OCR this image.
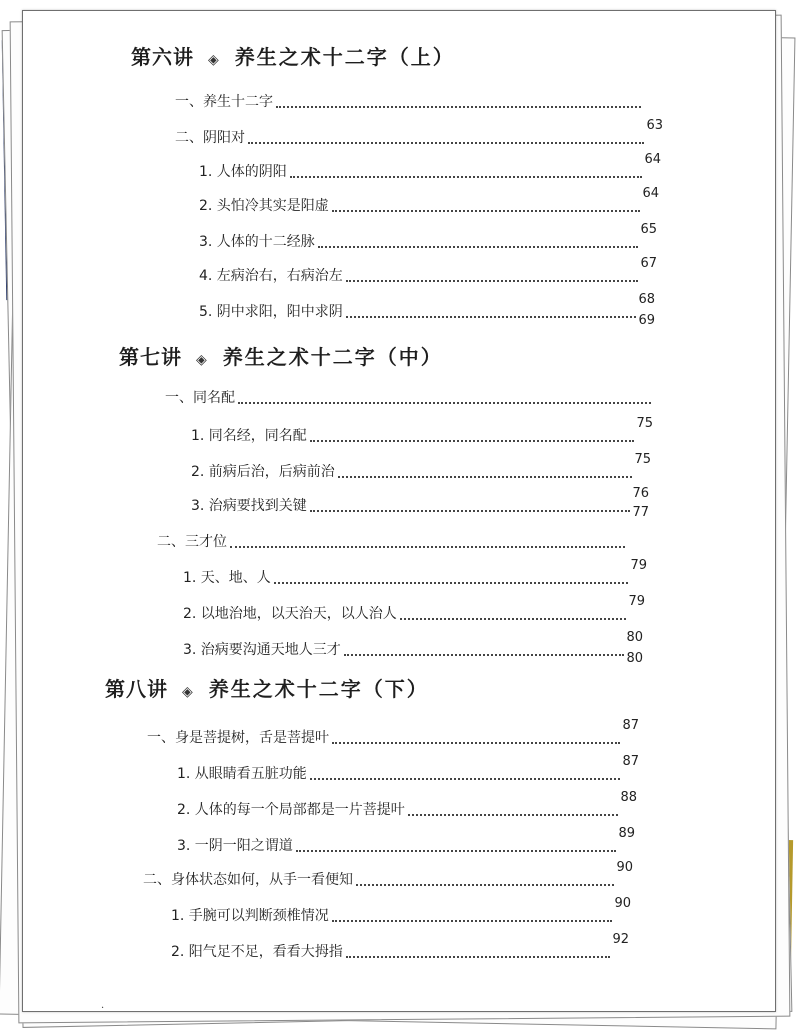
第六讲 ◈ 养生之术十二字（上）
一、养生十二字
二、阴阳对
63
1. 人体的阴阳
64
2. 头怕冷其实是阳虚
64
3. 人体的十二经脉
65
4. 左病治右，右病治左
67
5. 阴中求阳，阳中求阴
68
69
第七讲 ◈ 养生之术十二字（中）
一、同名配
1. 同名经，同名配
75
2. 前病后治，后病前治
75
3. 治病要找到关键
76
77
二、三才位
1. 天、地、人
79
2. 以地治地，以天治天，以人治人
79
3. 治病要沟通天地人三才
80
80
第八讲 ◈ 养生之术十二字（下）
一、身是菩提树，舌是菩提叶
87
1. 从眼睛看五脏功能
87
2. 人体的每一个局部都是一片菩提叶
88
3. 一阴一阳之谓道
89
二、身体状态如何，从手一看便知
90
1. 手腕可以判断颈椎情况
90
2. 阳气足不足，看看大拇指
92
·
